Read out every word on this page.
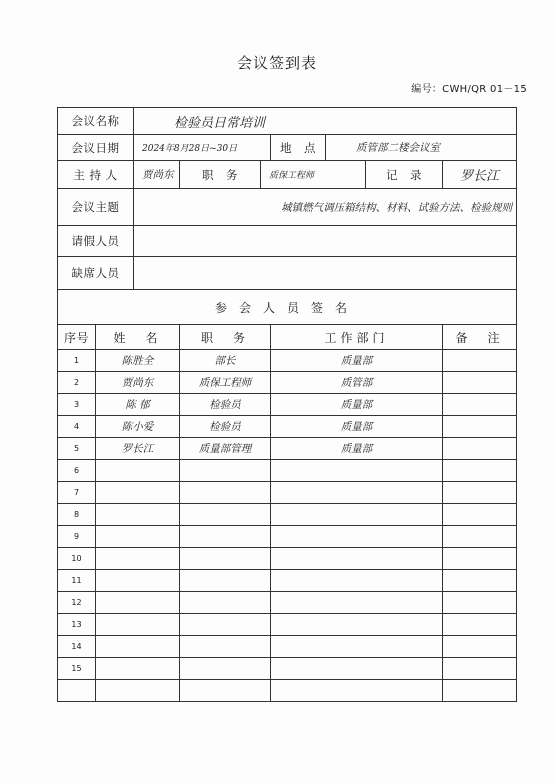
会议签到表
编号：CWH/QR 01－15
会议名称		检验员日常培训						
会议日期		2024年8月28日~30日			地　点	质管部二楼会议室		
主 持 人		贾尚东	职　务	质保工程师			记　录	罗长江
会议主题		城镇燃气调压箱结构、材料、试验方法、检验规则						
请假人员								
缺席人员								
参会人员签名								
序号	姓　名		职　务		工作部门			备　注
1	陈胜全		部长		质量部			
2	贾尚东		质保工程师		质管部			
3	陈 郁		检验员		质量部			
4	陈小爱		检验员		质量部			
5	罗长江		质量部管理		质量部			
6								
7								
8								
9								
10								
11								
12								
13								
14								
15								
